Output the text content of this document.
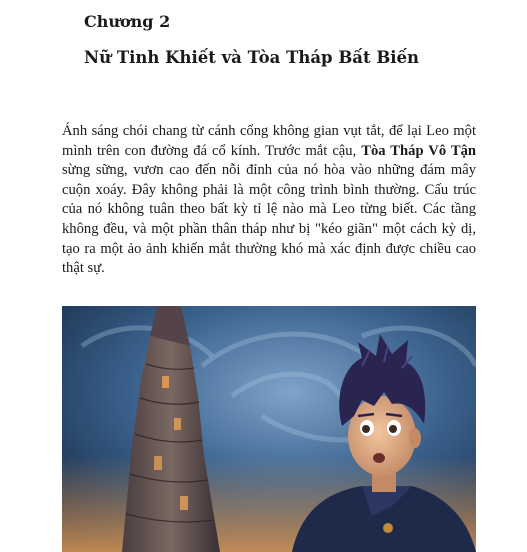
Chương 2
Nữ Tinh Khiết và Tòa Tháp Bất Biến

Ánh sáng chói chang từ cánh cổng không gian vụt tắt, để lại Leo một mình trên con đường đá cổ kính. Trước mắt cậu, Tòa Tháp Vô Tận sừng sững, vươn cao đến nỗi đỉnh của nó hòa vào những đám mây cuộn xoáy. Đây không phải là một công trình bình thường. Cấu trúc của nó không tuân theo bất kỳ tỉ lệ nào mà Leo từng biết. Các tầng không đều, và một phần thân tháp như bị "kéo giãn" một cách kỳ dị, tạo ra một ảo ảnh khiến mắt thường khó mà xác định được chiều cao thật sự.
